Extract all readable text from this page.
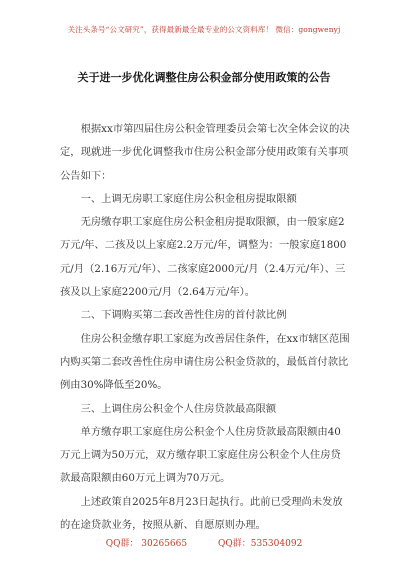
关注头条号“公文研究”，获得最新最全最专业的公文资料库！ 微信：gongwenyj
关于进一步优化调整住房公积金部分使用政策的公告

根据xx市第四届住房公积金管理委员会第七次全体会议的决定，现就进一步优化调整我市住房公积金部分使用政策有关事项公告如下：

一、上调无房职工家庭住房公积金租房提取限额

无房缴存职工家庭住房公积金租房提取限额，由一般家庭2万元/年、二孩及以上家庭2.2万元/年，调整为：一般家庭1800元/月（2.16万元/年）、二孩家庭2000元/月（2.4万元/年）、三孩及以上家庭2200元/月（2.64万元/年）。

二、下调购买第二套改善性住房的首付款比例

住房公积金缴存职工家庭为改善居住条件，在xx市辖区范围内购买第二套改善性住房申请住房公积金贷款的，最低首付款比例由30%降低至20%。

三、上调住房公积金个人住房贷款最高限额

单方缴存职工家庭住房公积金个人住房贷款最高限额由40万元上调为50万元，双方缴存职工家庭住房公积金个人住房贷款最高限额由60万元上调为70万元。

上述政策自2025年8月23日起执行。此前已受理尚未发放的在途贷款业务，按照从新、自愿原则办理。

QQ群： 30265665	QQ群：535304092
